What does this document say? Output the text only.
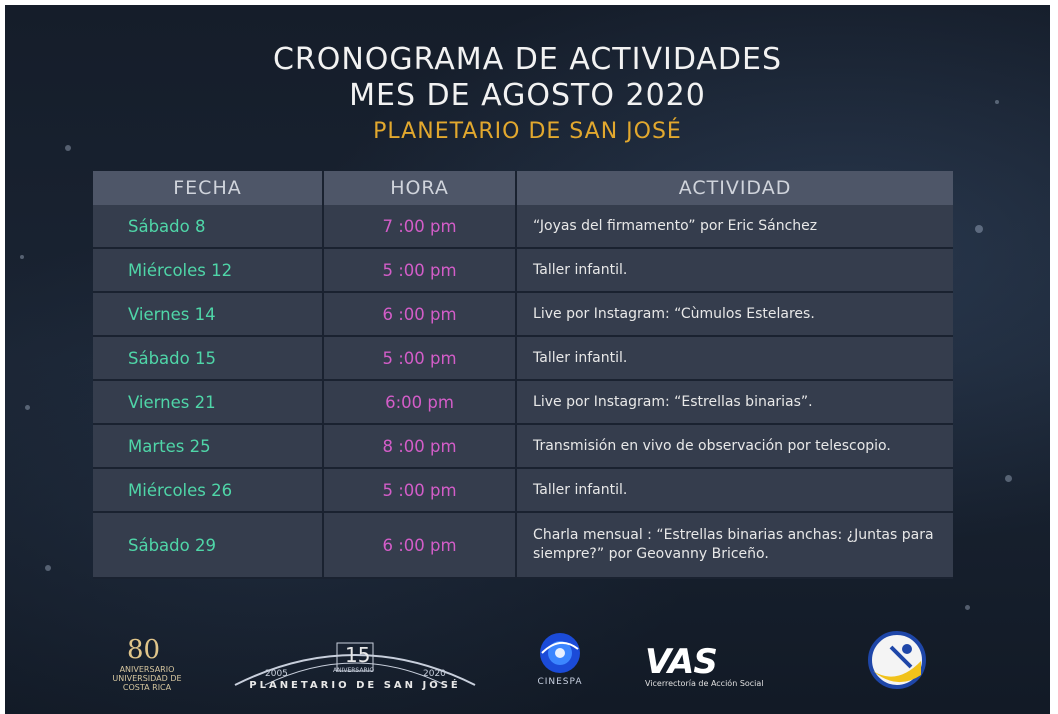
CRONOGRAMA DE ACTIVIDADES
MES DE AGOSTO 2020
PLANETARIO DE SAN JOSÉ
FECHA	HORA	ACTIVIDAD
Sábado 8	7 :00 pm	“Joyas del firmamento” por Eric Sánchez
Miércoles 12	5 :00 pm	Taller infantil.
Viernes 14	6 :00 pm	Live por Instagram: “Cùmulos Estelares.
Sábado 15	5 :00 pm	Taller infantil.
Viernes 21	6:00 pm	Live por Instagram: “Estrellas binarias”.
Martes 25	8 :00 pm	Transmisión en vivo de observación por telescopio.
Miércoles 26	5 :00 pm	Taller infantil.
Sábado 29	6 :00 pm	Charla mensual : “Estrellas binarias anchas: ¿Juntas para siempre?” por Geovanny Briceño.
80
ANIVERSARIO UNIVERSIDAD DE COSTA RICA
15
ANIVERSARIO
2005	2020
PLANETARIO DE SAN JOSÉ	CINESPA	VAS
Vicerrectoría de Acción Social
